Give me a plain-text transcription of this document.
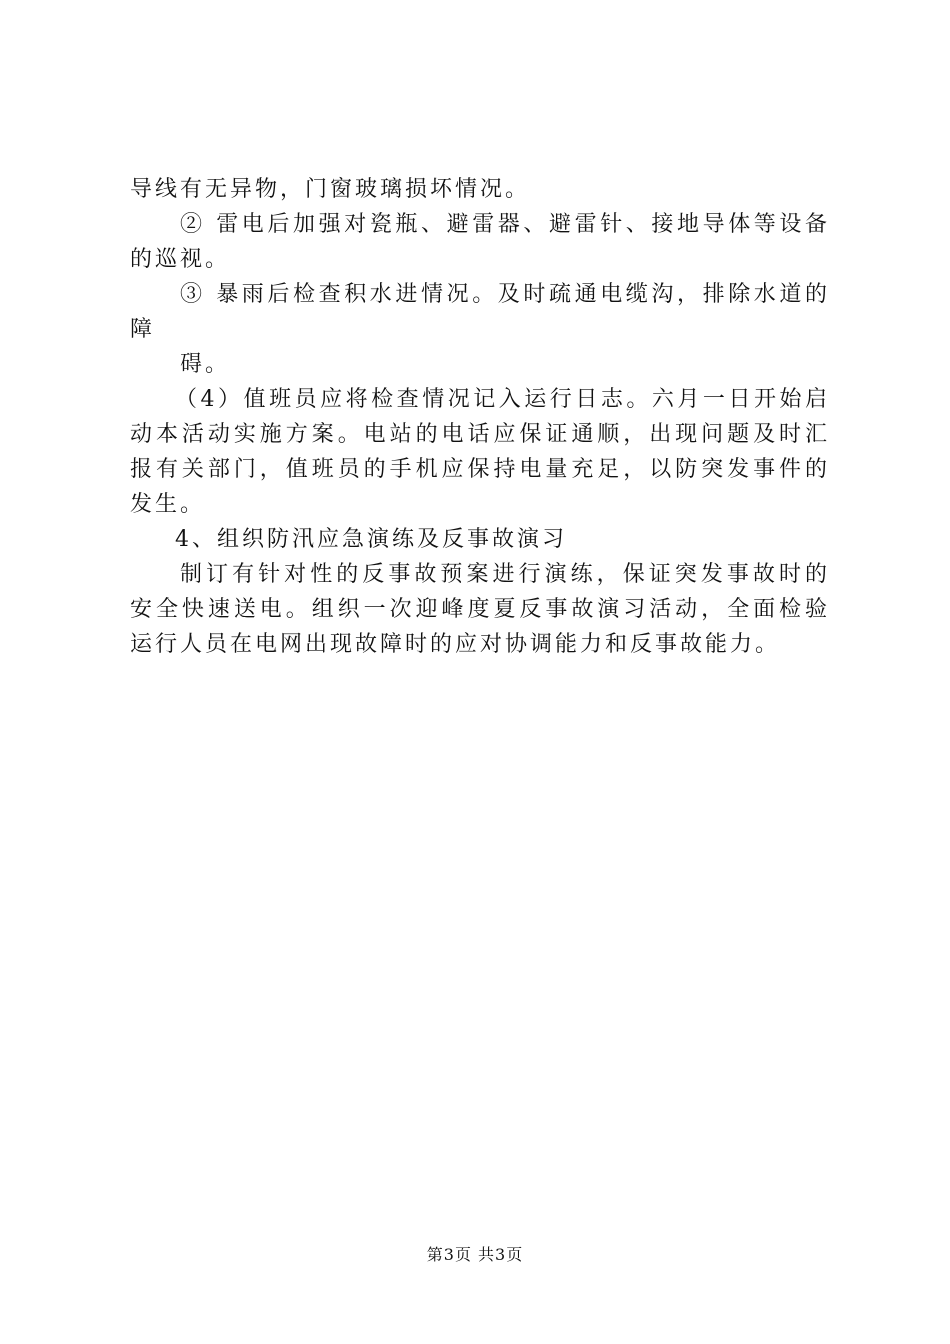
导线有无异物，门窗玻璃损坏情况。
② 雷电后加强对瓷瓶、避雷器、避雷针、接地导体等设备
的巡视。
③ 暴雨后检查积水进情况。及时疏通电缆沟，排除水道的
障
碍。
（4）值班员应将检查情况记入运行日志。六月一日开始启
动本活动实施方案。电站的电话应保证通顺，出现问题及时汇
报有关部门，值班员的手机应保持电量充足，以防突发事件的
发生。
4、组织防汛应急演练及反事故演习
制订有针对性的反事故预案进行演练，保证突发事故时的
安全快速送电。组织一次迎峰度夏反事故演习活动，全面检验
运行人员在电网出现故障时的应对协调能力和反事故能力。
第3页 共3页
